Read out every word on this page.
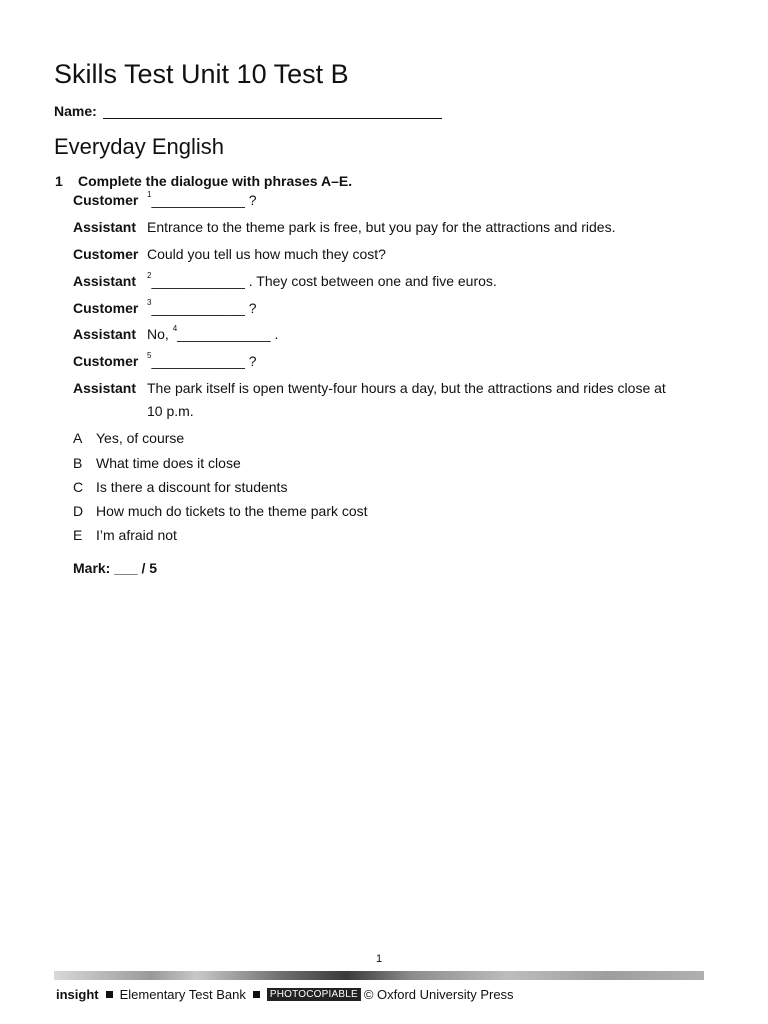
Skills Test Unit 10 Test B
Name:
Everyday English
1 Complete the dialogue with phrases A–E.
Customer $^1$____________ ?
Assistant Entrance to the theme park is free, but you pay for the attractions and rides.
Customer Could you tell us how much they cost?
Assistant $^2$____________ . They cost between one and five euros.
Customer $^3$____________ ?
Assistant No, $^4$____________ .
Customer $^5$____________ ?
Assistant The park itself is open twenty-four hours a day, but the attractions and rides close at
10 p.m.
A Yes, of course
B What time does it close
C Is there a discount for students
D How much do tickets to the theme park cost
E I’m afraid not
Mark: ___ / 5
1
insight Elementary Test Bank	PHOTOCOPIABLE © Oxford University Press
